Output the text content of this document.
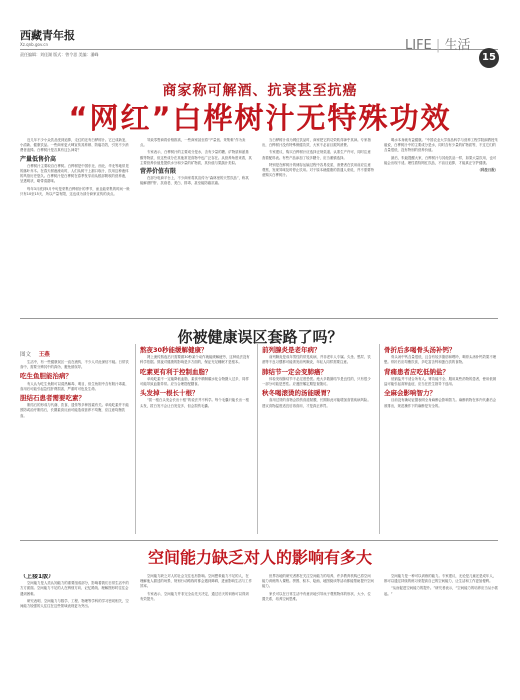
西藏青年报
Xz.qnb.gov.cn
责任编辑：刘佳湖 版式：曾令思 美编：潘峰
LIFE | 生活
15
商家称可解酒、抗衰甚至抗癌
“网红”白桦树汁无特殊功效

近几年不少小众饮品受到追捧，走红的还有白桦树汁。它已成新宠，小清新、健康饮品。一些商家更大肆宣传其养颜、防癌功效，引发不少消费者追捧。白桦树汁是否真有这么神奇？

产量低售价高

白桦树汁主要取自白桦树。白桦树是中国东北、西北、华北等地常见的落叶乔木。在春天树液流动时，人们从树干上割口取汁，饮用这种液体的风俗历史悠久。白桦树汁是白桦树在春季发芽前从根部吸收的营养液，呈透明状，略带清甜味。

每年3月底到5月中旬是采集白桦树汁的季节，而且能采集的时间一般只有10至15天，所以产量有限，这也成为部分商家宣传的卖点。

导致零售商将价格推高，一些商家甚至将“产量低、采集难”作为卖点。

专家表示，白桦树汁的主要成分是水，含有少量的糖、矿物质和氨基酸等物质，但这些成分在其他常见食物中也广泛存在。从营养角度来看，其主要营养价值是提供水分和少量的矿物质，其价值与果蔬汁类似。

营养价值有限

在部分电商平台上，不少商家将其宣传为“森林里的天然饮品”，称其能解酒护肝、抗衰老、美白、排毒，甚至能防癌抗癌。

当白桦树汁成为网红饮品时，商家把它的功效吹得神乎其神。专家指出，白桦树汁没有特殊保健功效，大家不必盲目跟风消费。

专家建议，购买白桦树汁应选择正规渠道、认准生产许可，同时注意查看配料表。有些产品添加了较多糖分，应当谨慎选择。

特别是在鲜树汁的储存运输过程中容易变质，消费者在饮用前应注意观察，发现异味及时停止饮用。对于原本就健康的普通人来说，并不需要特意购买白桦树汁。

喝水本身就有益健康。”中国农业大学食品科学与营养工程学院副教授朱毅说，白桦树汁中的主要成分是水，同时含有少量的矿物质等，不过它们的含量很低，没有特别的营养价值。

最后，朱毅提醒大家，白桦树汁与其他饮品一样，如果大量饮用，也可能会出现不适。理性看待网红饮品，不盲目追捧，才能真正守护健康。

（科技日报）

你被健康误区套路了吗？
图文 王燕

生活中，有一些健康误区一直在流传，不少人对此深信不疑。日常饮食中，需要分辨其中的真伪，避免被误导。

吃生鱼胆能治病？

有人认为吃生鱼胆可以清热解毒、明目，但生鱼胆中含有胆汁毒素，食用后可能引起急性肝肾损害，严重时可危及生命。

胆结石患者需要吃素？

胆结石的形成与代谢、饮食、遗传等多种因素有关。单纯吃素并不能预防或治疗胆结石，长期素食反而可能造成营养不均衡，应注意均衡饮食。

熬夜30秒能缓解健康？

网上流传熬夜后只需要做30秒某个动作就能缓解疲劳，这种说法没有科学依据。熬夜对健康的影响是多方面的，保证充足睡眠才是根本。

吃素更有利于控制血脂？

单纯吃素不一定能降低血脂，素食中精制碳水化合物摄入过多，同样可能导致血脂异常。应当合理搭配膳食。

头发掉一根长十根？

“拔一根白头发会长出十根”的说法并不科学。每个毛囊只能长出一根头发，拔白发不会让白发变多，但会损伤毛囊。

前列腺炎是老年病？

前列腺炎是成年男性的常见疾病，并非老年人专属。久坐、憋尿、饮酒等不良习惯都可能诱发前列腺炎，年轻人同样需要注意。

肺结节一定会变肺癌？

体检发现肺结节不必过度恐慌。绝大多数肺结节是良性的，只有很少一部分可能是恶性。应遵医嘱定期复查随访。

秋冬喝滚烫的汤能暖胃？

食用过烫的食物会损伤食道黏膜，长期如此可能增加食管疾病风险。建议食物温度适宜后再食用，才是真正养胃。

骨折后多喝骨头汤补钙？

骨头汤中钙含量很低，且含有较多脂肪和嘌呤，喝骨头汤补钙效果不理想。骨折后应均衡饮食，多吃富含钙和蛋白质的食物。

背痛患者应吃低钠盐？

低钠盐并不适合所有人。肾功能不全、服用某些药物的患者，使用低钠盐可能引起高钾血症，应当在医生指导下选用。

全麻会影响智力？

目前没有确切证据表明全身麻醉会影响智力。麻醉药物在体内代谢后会被排出，规范操作下的麻醉是安全的。

空间能力缺乏对人的影响有多大
（上接1版）

空间能力是人类认知能力的重要组成部分，影响着我们日常生活中的方方面面。空间能力不足的人在辨别方向、记忆路线、理解图形时往往会遇到困难。

研究表明，空间能力与数学、工程、物理等学科的学习密切相关，空间能力较强的人往往在这些领域表现更为突出。

空间能力缺乏对人的社会交往也有影响。空间想象能力不足的人，在理解他人描述的场景、规划行动路线时都会遇到障碍，进而影响生活与工作效率。

专家表示，空间能力并非完全由先天决定，通过后天的训练可以得到有效提升。

世界各地的研究者都在关注空间能力的培养，许多教育机构已将空间能力训练纳入课程。拼图、积木、绘画、地图阅读等活动都能帮助提升空间能力。

家长可以在日常生活中有意识地引导孩子观察物体的形状、大小、位置关系，培养空间思维。

空间能力是一种可以训练的能力。专家建议，无论是儿童还是成年人，都可以通过持续的练习来提高自己的空间能力，让生活和工作更加便利。

“从而促进空间能力的提升。”研究者表示，“空间能力的培养应当从小抓起。”
